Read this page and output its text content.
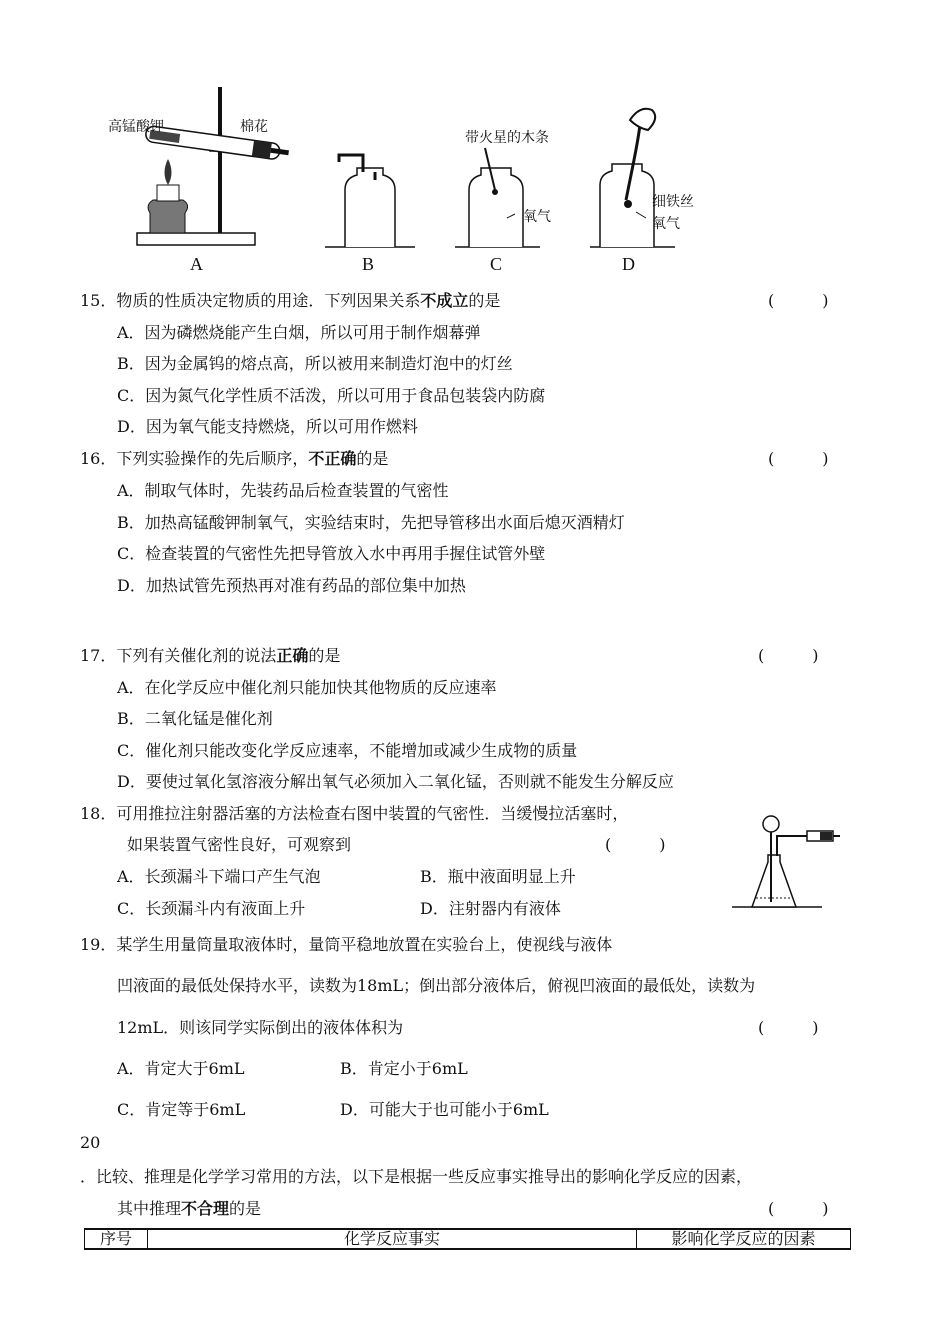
高锰酸钾	棉花
A	B
带火星的木条
氧气
C
细铁丝
氧气
D
15．物质的性质决定物质的用途．下列因果关系不成立的是	(　　　)
A．因为磷燃烧能产生白烟，所以可用于制作烟幕弹
B．因为金属钨的熔点高，所以被用来制造灯泡中的灯丝
C．因为氮气化学性质不活泼，所以可用于食品包装袋内防腐
D．因为氧气能支持燃烧，所以可用作燃料
16．下列实验操作的先后顺序，不正确的是	(　　　)
A．制取气体时，先装药品后检查装置的气密性
B．加热高锰酸钾制氧气，实验结束时，先把导管移出水面后熄灭酒精灯
C．检查装置的气密性先把导管放入水中再用手握住试管外壁
D．加热试管先预热再对准有药品的部位集中加热
17．下列有关催化剂的说法正确的是	(　　　)
A．在化学反应中催化剂只能加快其他物质的反应速率
B．二氧化锰是催化剂
C．催化剂只能改变化学反应速率，不能增加或减少生成物的质量
D．要使过氧化氢溶液分解出氧气必须加入二氧化锰，否则就不能发生分解反应
18．可用推拉注射器活塞的方法检查右图中装置的气密性．当缓慢拉活塞时，
如果装置气密性良好，可观察到	(　　　)
A．长颈漏斗下端口产生气泡	B．瓶中液面明显上升
C．长颈漏斗内有液面上升	D．注射器内有液体
19．某学生用量筒量取液体时，量筒平稳地放置在实验台上，使视线与液体
凹液面的最低处保持水平，读数为18mL；倒出部分液体后，俯视凹液面的最低处，读数为
12mL．则该同学实际倒出的液体体积为	(　　　)
A．肯定大于6mL	B．肯定小于6mL
C．肯定等于6mL	D．可能大于也可能小于6mL
20
．比较、推理是化学学习常用的方法，以下是根据一些反应事实推导出的影响化学反应的因素，
其中推理不合理的是	(　　　)
序号	化学反应事实	影响化学反应的因素
